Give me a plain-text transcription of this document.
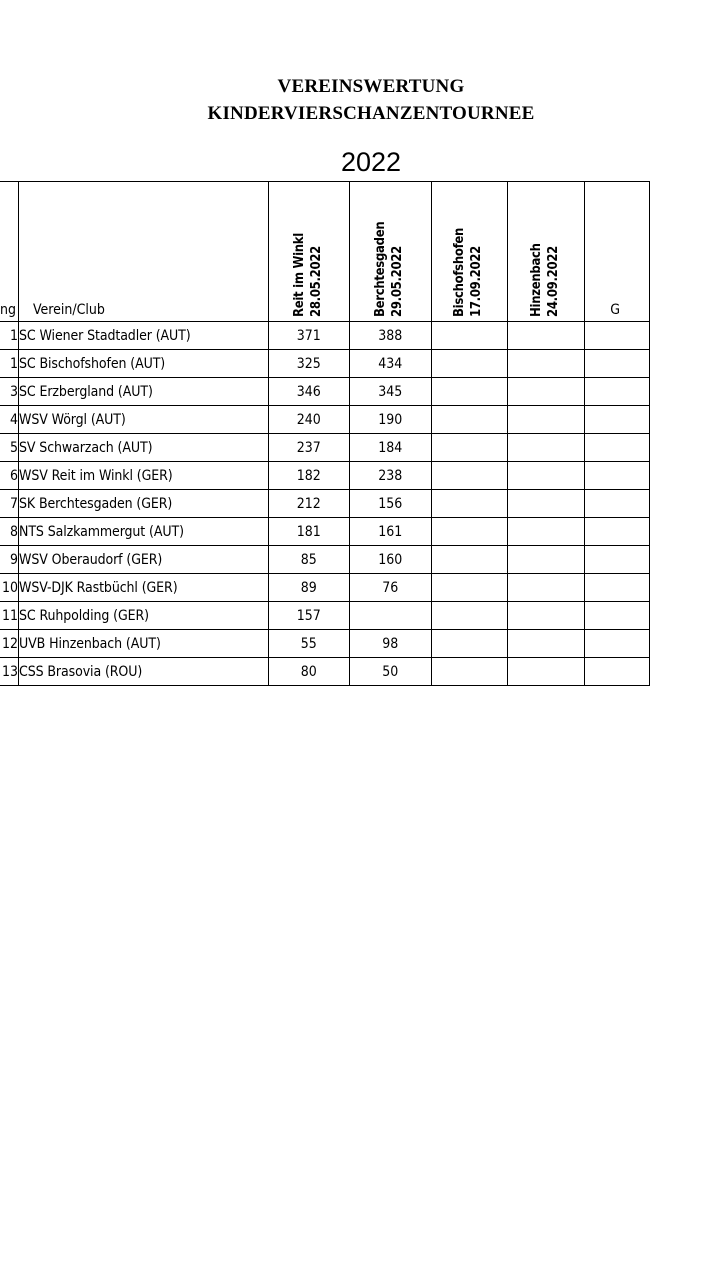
VEREINSWERTUNG
KINDERVIERSCHANZENTOURNEE
2022
ng	Verein/Club	Reit im Winkl 28.05.2022	Berchtesgaden 29.05.2022	Bischofshofen 17.09.2022	Hinzenbach 24.09.2022	G

1	SC Wiener Stadtadler (AUT)	371	388			
1	SC Bischofshofen (AUT)	325	434			
3	SC Erzbergland (AUT)	346	345			
4	WSV Wörgl (AUT)	240	190			
5	SV Schwarzach (AUT)	237	184			
6	WSV Reit im Winkl (GER)	182	238			
7	SK Berchtesgaden (GER)	212	156			
8	NTS Salzkammergut (AUT)	181	161			
9	WSV Oberaudorf (GER)	85	160			
10	WSV-DJK Rastbüchl (GER)	89	76			
11	SC Ruhpolding (GER)	157				
12	UVB Hinzenbach (AUT)	55	98			
13	CSS Brasovia (ROU)	80	50			
